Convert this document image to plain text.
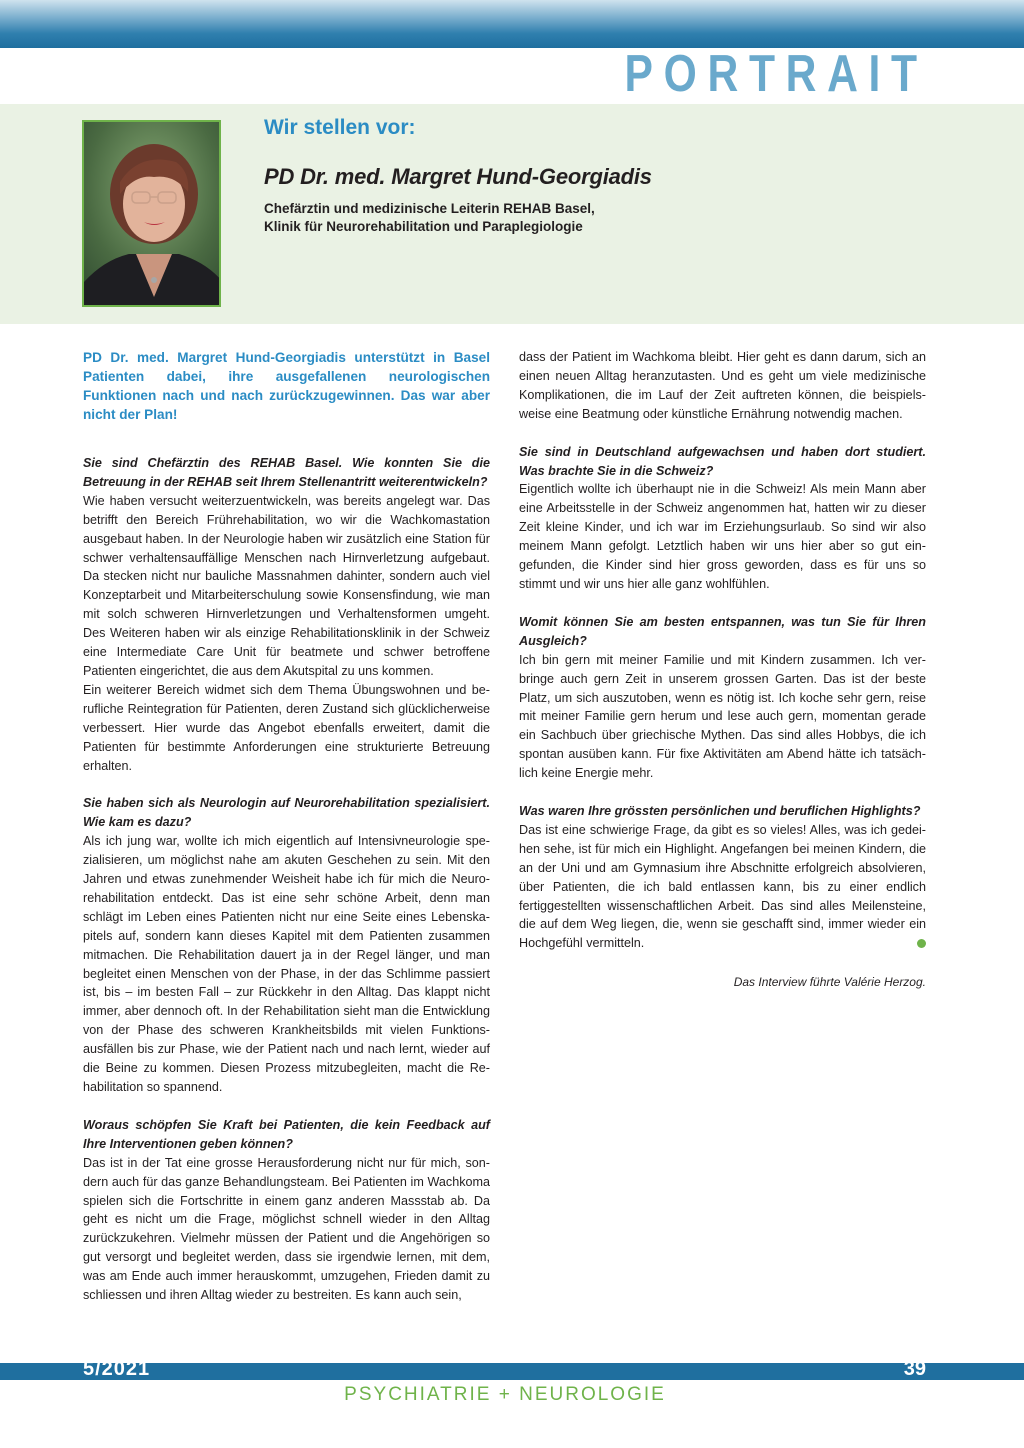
PORTRAIT
Wir stellen vor:
PD Dr. med. Margret Hund-Georgiadis
Chefärztin und medizinische Leiterin REHAB Basel,
Klinik für Neurorehabilitation und Paraplegiologie

PD Dr. med. Margret Hund-Georgiadis unterstützt in Basel Patienten dabei, ihre ausgefallenen neurologischen Funktionen nach und nach zurückzugewinnen. Das war aber nicht der Plan!

Sie sind Chefärztin des REHAB Basel. Wie konnten Sie die Betreuung in der REHAB seit Ihrem Stellenantritt weiterentwickeln?

Wie haben versucht weiterzuentwickeln, was bereits angelegt war. Das betrifft den Bereich Frührehabilitation, wo wir die Wachkomastation ausgebaut haben. In der Neurologie haben wir zusätzlich eine Station für schwer verhaltensauffällige Menschen nach Hirnverletzung aufgebaut. Da stecken nicht nur bauliche Massnahmen dahinter, sondern auch viel Konzeptarbeit und Mitarbeiterschulung sowie Konsensfindung, wie man mit solch schweren Hirnverletzungen und Verhaltensformen umgeht. Des Weiteren haben wir als einzige Rehabilitationsklinik in der Schweiz eine Intermediate Care Unit für beatmete und schwer betroffene Patienten eingerichtet, die aus dem Akutspital zu uns kommen.

Ein weiterer Bereich widmet sich dem Thema Übungswohnen und berufliche Reintegration für Patienten, deren Zustand sich glücklicherweise verbessert. Hier wurde das Angebot ebenfalls erweitert, damit die Patienten für bestimmte Anforderungen eine strukturierte Betreuung erhalten.

Sie haben sich als Neurologin auf Neurorehabilitation spezialisiert. Wie kam es dazu?

Als ich jung war, wollte ich mich eigentlich auf Intensivneurologie spezialisieren, um möglichst nahe am akuten Geschehen zu sein. Mit den Jahren und etwas zunehmender Weisheit habe ich für mich die Neurorehabilitation entdeckt. Das ist eine sehr schöne Arbeit, denn man schlägt im Leben eines Patienten nicht nur eine Seite eines Lebenskapitels auf, sondern kann dieses Kapitel mit dem Patienten zusammen mitmachen. Die Rehabilitation dauert ja in der Regel länger, und man begleitet einen Menschen von der Phase, in der das Schlimme passiert ist, bis – im besten Fall – zur Rückkehr in den Alltag. Das klappt nicht immer, aber dennoch oft. In der Rehabilitation sieht man die Entwicklung von der Phase des schweren Krankheitsbilds mit vielen Funktionsausfällen bis zur Phase, wie der Patient nach und nach lernt, wieder auf die Beine zu kommen. Diesen Prozess mitzubegleiten, macht die Rehabilitation so spannend.

Woraus schöpfen Sie Kraft bei Patienten, die kein Feedback auf Ihre Interventionen geben können?

Das ist in der Tat eine grosse Herausforderung nicht nur für mich, sondern auch für das ganze Behandlungsteam. Bei Patienten im Wachkoma spielen sich die Fortschritte in einem ganz anderen Massstab ab. Da geht es nicht um die Frage, möglichst schnell wieder in den Alltag zurückzukehren. Vielmehr müssen der Patient und die Angehörigen so gut versorgt und begleitet werden, dass sie irgendwie lernen, mit dem, was am Ende auch immer herauskommt, umzugehen, Frieden damit zu schliessen und ihren Alltag wieder zu bestreiten. Es kann auch sein,

dass der Patient im Wachkoma bleibt. Hier geht es dann darum, sich an einen neuen Alltag heranzutasten. Und es geht um viele medizinische Komplikationen, die im Lauf der Zeit auftreten können, die beispielsweise eine Beatmung oder künstliche Ernährung notwendig machen.

Sie sind in Deutschland aufgewachsen und haben dort studiert. Was brachte Sie in die Schweiz?

Eigentlich wollte ich überhaupt nie in die Schweiz! Als mein Mann aber eine Arbeitsstelle in der Schweiz angenommen hat, hatten wir zu dieser Zeit kleine Kinder, und ich war im Erziehungsurlaub. So sind wir also meinem Mann gefolgt. Letztlich haben wir uns hier aber so gut eingefunden, die Kinder sind hier gross geworden, dass es für uns so stimmt und wir uns hier alle ganz wohlfühlen.

Womit können Sie am besten entspannen, was tun Sie für Ihren Ausgleich?

Ich bin gern mit meiner Familie und mit Kindern zusammen. Ich verbringe auch gern Zeit in unserem grossen Garten. Das ist der beste Platz, um sich auszutoben, wenn es nötig ist. Ich koche sehr gern, reise mit meiner Familie gern herum und lese auch gern, momentan gerade ein Sachbuch über griechische Mythen. Das sind alles Hobbys, die ich spontan ausüben kann. Für fixe Aktivitäten am Abend hätte ich tatsächlich keine Energie mehr.

Was waren Ihre grössten persönlichen und beruflichen Highlights?

Das ist eine schwierige Frage, da gibt es so vieles! Alles, was ich gedeihen sehe, ist für mich ein Highlight. Angefangen bei meinen Kindern, die an der Uni und am Gymnasium ihre Abschnitte erfolgreich absolvieren, über Patienten, die ich bald entlassen kann, bis zu einer endlich fertiggestellten wissenschaftlichen Arbeit. Das sind alles Meilensteine, die auf dem Weg liegen, die, wenn sie geschafft sind, immer wieder ein Hochgefühl vermitteln.

Das Interview führte Valérie Herzog.

5/2021	39
PSYCHIATRIE + NEUROLOGIE
